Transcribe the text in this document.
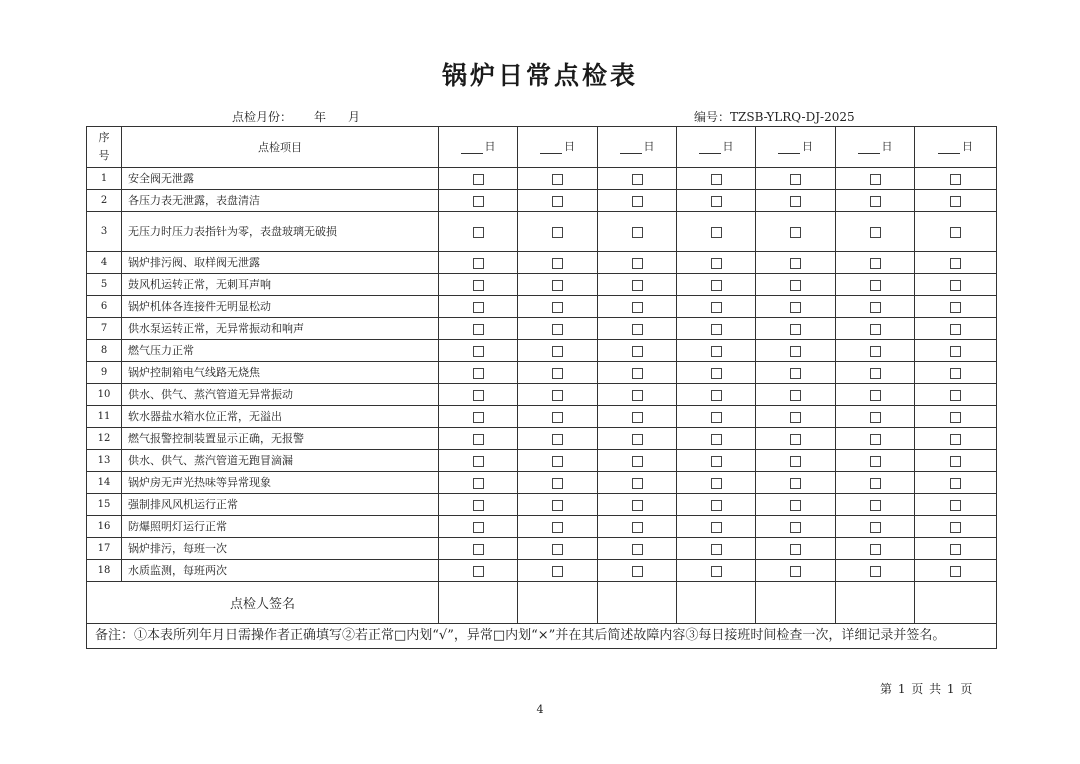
锅炉日常点检表
点检月份： 年 月	编号：TZSB-YLRQ-DJ-2025
序号	点检项目	日	日	日	日	日	日	日

1	安全阀无泄露							
2	各压力表无泄露，表盘清洁							
3	无压力时压力表指针为零，表盘玻璃无破损							
4	锅炉排污阀、取样阀无泄露							
5	鼓风机运转正常，无刺耳声响							
6	锅炉机体各连接件无明显松动							
7	供水泵运转正常，无异常振动和响声							
8	燃气压力正常							
9	锅炉控制箱电气线路无烧焦							
10	供水、供气、蒸汽管道无异常振动							
11	软水器盐水箱水位正常，无溢出							
12	燃气报警控制装置显示正确，无报警							
13	供水、供气、蒸汽管道无跑冒滴漏							
14	锅炉房无声光热味等异常现象							
15	强制排风风机运行正常							
16	防爆照明灯运行正常							
17	锅炉排污，每班一次							
18	水质监测，每班两次							
点检人签名								
备注：①本表所列年月日需操作者正确填写②若正常□内划“√”，异常□内划“×”并在其后简述故障内容③每日接班时间检查一次，详细记录并签名。								
第 1 页 共 1 页
4
